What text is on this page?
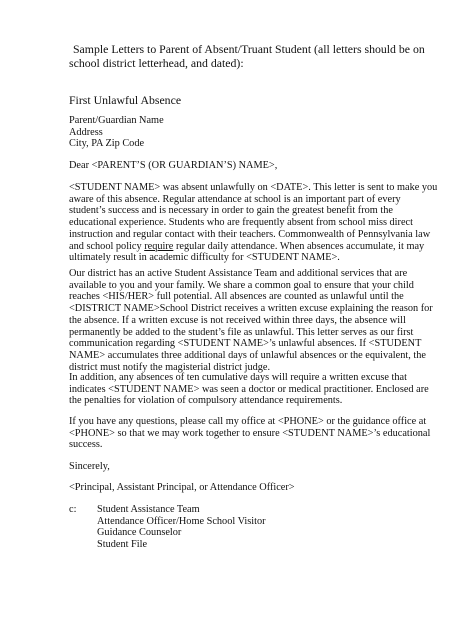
Sample Letters to Parent of Absent/Truant Student (all letters should be on
school district letterhead, and dated):
First Unlawful Absence
Parent/Guardian Name
Address
City, PA Zip Code
Dear <PARENT’S (OR GUARDIAN’S) NAME>,
<STUDENT NAME> was absent unlawfully on <DATE>. This letter is sent to make you
aware of this absence. Regular attendance at school is an important part of every
student’s success and is necessary in order to gain the greatest benefit from the
educational experience. Students who are frequently absent from school miss direct
instruction and regular contact with their teachers. Commonwealth of Pennsylvania law
and school policy require regular daily attendance. When absences accumulate, it may
ultimately result in academic difficulty for <STUDENT NAME>.
Our district has an active Student Assistance Team and additional services that are
available to you and your family. We share a common goal to ensure that your child
reaches <HIS/HER> full potential. All absences are counted as unlawful until the
<DISTRICT NAME>School District receives a written excuse explaining the reason for
the absence. If a written excuse is not received within three days, the absence will
permanently be added to the student’s file as unlawful. This letter serves as our first
communication regarding <STUDENT NAME>’s unlawful absences. If <STUDENT
NAME> accumulates three additional days of unlawful absences or the equivalent, the
district must notify the magisterial district judge.
In addition, any absences of ten cumulative days will require a written excuse that
indicates <STUDENT NAME> was seen a doctor or medical practitioner. Enclosed are
the penalties for violation of compulsory attendance requirements.
If you have any questions, please call my office at <PHONE> or the guidance office at
<PHONE> so that we may work together to ensure <STUDENT NAME>’s educational
success.
Sincerely,
<Principal, Assistant Principal, or Attendance Officer>
c: Student Assistance Team
Attendance Officer/Home School Visitor
Guidance Counselor
Student File
